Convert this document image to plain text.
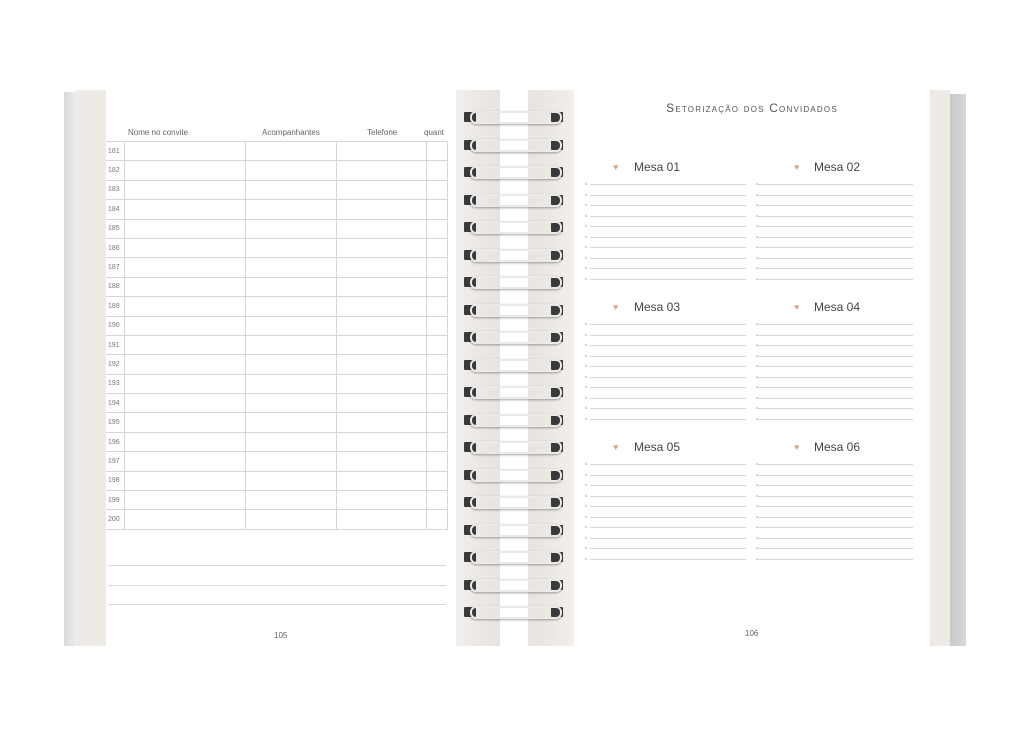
Nome no convite	Acompanhantes	Telefone	quant
181				
182				
183				
184				
185				
186				
187				
188				
189				
190				
191				
192				
193				
194				
195				
196				
197				
198				
199				
200				
105
Setorização dos Convidados
♥ Mesa 01	♥ Mesa 02
♥ Mesa 03	♥ Mesa 04
♥ Mesa 05	♥ Mesa 06
106
